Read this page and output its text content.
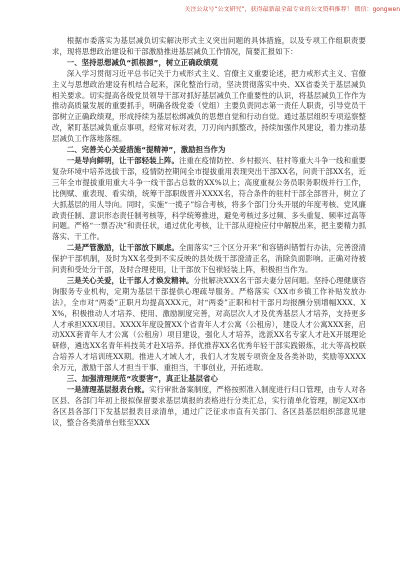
关注公众号“公文研究”，获得最新最全最专业的公文资料推荐！ 微信：gongwen

根据市委落实为基层减负切实解决形式主义突出问题的具体措施，以及专项工作组职责要求，现将思想政治建设和干部激励推进基层减负工作情况，简要汇报如下：

一、坚持思想减负“抓根源”，树立正确政绩观

深入学习贯彻习近平总书记关于力戒形式主义、官僚主义重要论述，把力戒形式主义、官僚主义与思想政治建设有机结合起来，深化整治行动，坚决贯彻落实中央、XX省委关于基层减负相关要求。切实提高各级党员领导干部对抓好基层减负工作重要性的认识，将基层减负工作作为推动高质量发展的重要抓手，明确各级党委（党组）主要负责同志第一责任人职责，引导党员干部树立正确政绩观，形成持续为基层松绑减负的思想自觉和行动自觉。通过基层组织专项巡察整改，紧盯基层减负重点事项，经常对标对表，刀刃向内抓整改，持续加强作风建设，着力推动基层减负工作落地落细。

二、完善关心关爱措施“提精神”，激励担当作为

一是导向鲜明，让干部轻装上阵。注重在疫情防控、乡村振兴、驻村等重大斗争一线和重要复杂环境中培养选拔干部，疫情防控期间全市提拔重用表现突出干部XX名，问责干部XX名，近三年全市提拔重用重大斗争一线干部占总数的XX%以上；高度重视公务员职务职级并行工作，比例赋、重表现、看实绩，统筹干部职级晋升XXXX名，符合条件的驻村干部全部晋升，树立了大抓基层的用人导向。同时，实施“一揽子”综合考核，将多个部门分头开展的年度考核、党风廉政责任制、意识形态责任制考核等，科学统筹推进，避免考核过多过频、多头重复、频率过高等问题。严格“一票否决”和责任状，通过优化考核，让干部从迎检应付中解脱出来，把主要精力抓落实、干工作。

二是严管激励，让干部放下顾虑。全面落实“三个区分开来”和容错纠错暂行办法，完善澄清保护干部机制，及时为XX名受到不实反映的县处级干部澄清正名，消除负面影响。正确对待被问责和受处分干部，及时合理使用，让干部放下包袱轻装上阵，积极担当作为。

三是关心关爱，让干部人才焕发精神。分批解决XXX名干部夫妻分居问题。坚持心理健康咨询服务专业机构，定期为基层干部提供心理疏导服务。严格落实《XX市乡镇工作补贴发放办法》，全市对“两委”正职月均提高XXX元，对“两委”正职和村干部月均报酬分别增幅XXX、XX%，积极推动人才培养、使用、激励制度完善，对高层次人才及优秀基层人才培养，支持更多人才承担XXX项目。XXXX年度设置XX个省青年人才公寓（公租房），建设人才公寓XXX套，启动XXX套青年人才公寓（公租房）项目建设，强化人才培养，选派XX名专家人才赴X开展理论研修，遴选XX名青年科技英才赴X培养。择优推荐XX名优秀年轻干部实践锻炼，北大等高校联合培养人才培训班XX期。推进人才域人才，我们人才发展专项资金及各类补助，奖励等XXXX余万元，激励干部人才担当干事、重担当，干事创业，开拓进取。

三、加强清理规范“攻要害”，真正让基层省心

一是清理基层报表台账。实行审批备案制度，严格按照准入制度进行归口管理，由专人对各区县、各部门年初上报拟保留要求基层填报的表格进行分类汇总，实行清单化管理，制定XX市各区县各部门下发基层报表目录清单，通过广泛征求市直有关部门、各区县基层组织部意见建议，整合各类清单台账至XXX
